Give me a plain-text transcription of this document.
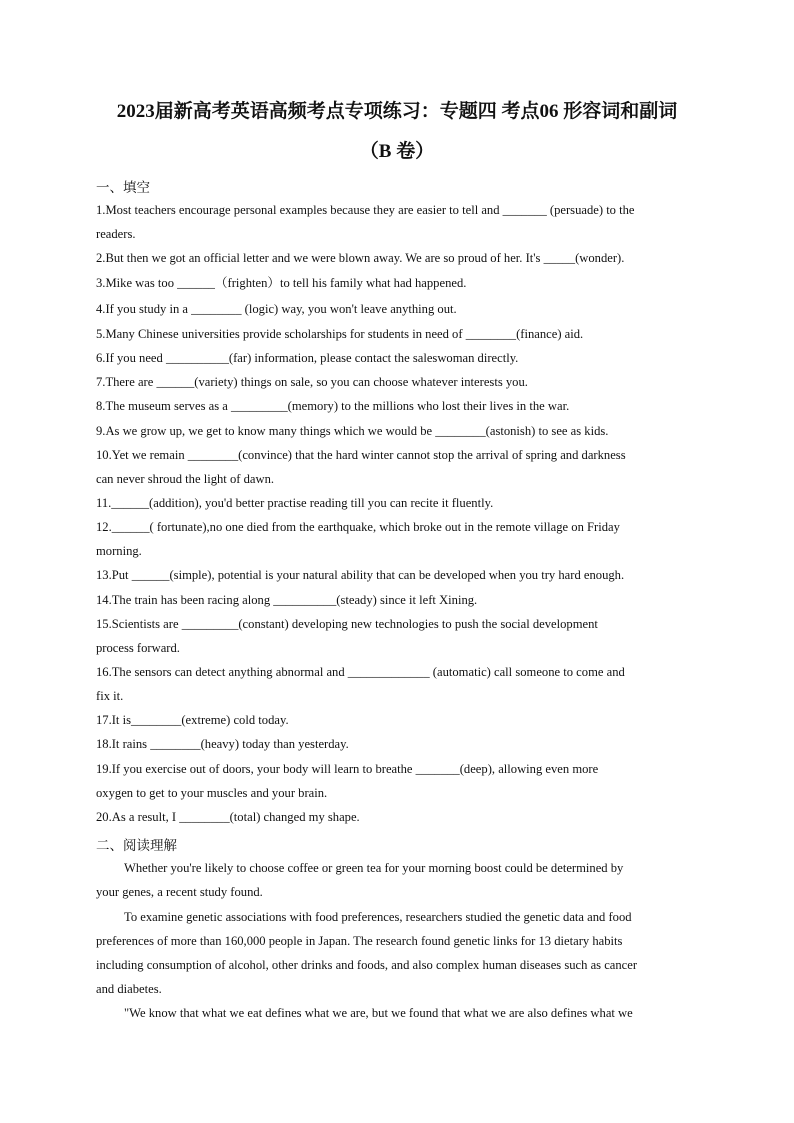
2023届新高考英语高频考点专项练习：专题四 考点06 形容词和副词
（B 卷）
一、填空
1.Most teachers encourage personal examples because they are easier to tell and _______ (persuade) to the
readers.
2.But then we got an official letter and we were blown away. We are so proud of her. It's _____(wonder).
3.Mike was too ______（frighten）to tell his family what had happened.
4.If you study in a ________ (logic) way, you won't leave anything out.
5.Many Chinese universities provide scholarships for students in need of ________(finance) aid.
6.If you need __________(far) information, please contact the saleswoman directly.
7.There are ______(variety) things on sale, so you can choose whatever interests you.
8.The museum serves as a _________(memory) to the millions who lost their lives in the war.
9.As we grow up, we get to know many things which we would be ________(astonish) to see as kids.
10.Yet we remain ________(convince) that the hard winter cannot stop the arrival of spring and darkness
can never shroud the light of dawn.
11.______(addition), you'd better practise reading till you can recite it fluently.
12.______( fortunate),no one died from the earthquake, which broke out in the remote village on Friday
morning.
13.Put ______(simple), potential is your natural ability that can be developed when you try hard enough.
14.The train has been racing along __________(steady) since it left Xining.
15.Scientists are _________(constant) developing new technologies to push the social development
process forward.
16.The sensors can detect anything abnormal and _____________ (automatic) call someone to come and
fix it.
17.It is________(extreme) cold today.
18.It rains ________(heavy) today than yesterday.
19.If you exercise out of doors, your body will learn to breathe _______(deep), allowing even more
oxygen to get to your muscles and your brain.
20.As a result, I ________(total) changed my shape.
二、阅读理解
Whether you're likely to choose coffee or green tea for your morning boost could be determined by
your genes, a recent study found.
To examine genetic associations with food preferences, researchers studied the genetic data and food
preferences of more than 160,000 people in Japan. The research found genetic links for 13 dietary habits
including consumption of alcohol, other drinks and foods, and also complex human diseases such as cancer
and diabetes.
"We know that what we eat defines what we are, but we found that what we are also defines what we
